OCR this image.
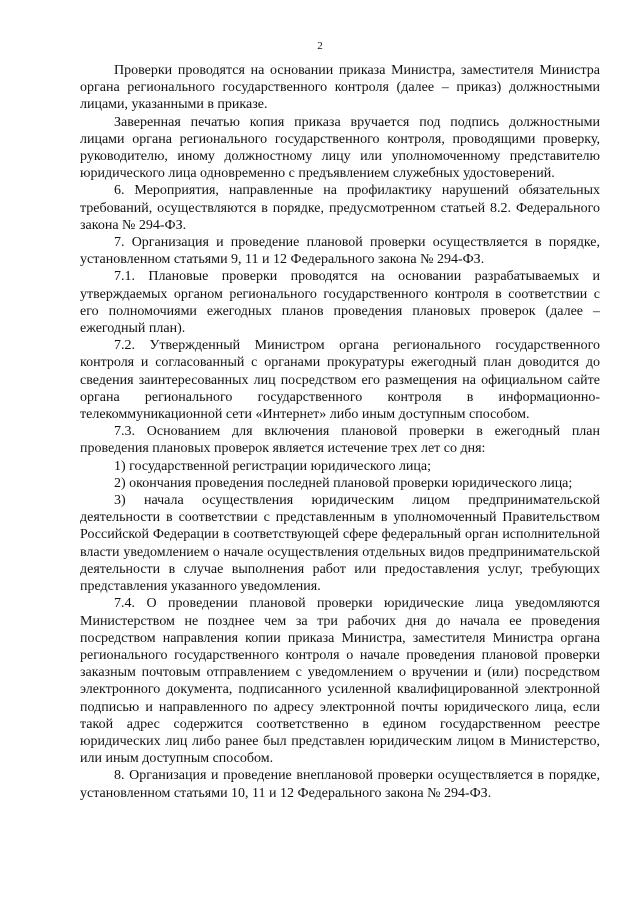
2

Проверки проводятся на основании приказа Министра, заместителя Министра органа регионального государственного контроля (далее – приказ) должностными лицами, указанными в приказе.

Заверенная печатью копия приказа вручается под подпись должностными лицами органа регионального государственного контроля, проводящими проверку, руководителю, иному должностному лицу или уполномоченному представителю юридического лица одновременно с предъявлением служебных удостоверений.

6. Мероприятия, направленные на профилактику нарушений обязательных требований, осуществляются в порядке, предусмотренном статьей 8.2. Федерального закона № 294-ФЗ.

7. Организация и проведение плановой проверки осуществляется в порядке, установленном статьями 9, 11 и 12 Федерального закона № 294-ФЗ.

7.1. Плановые проверки проводятся на основании разрабатываемых и утверждаемых органом регионального государственного контроля в соответствии с его полномочиями ежегодных планов проведения плановых проверок (далее – ежегодный план).

7.2. Утвержденный Министром органа регионального государственного контроля и согласованный с органами прокуратуры ежегодный план доводится до сведения заинтересованных лиц посредством его размещения на официальном сайте органа регионального государственного контроля в информационно-телекоммуникационной сети «Интернет» либо иным доступным способом.

7.3. Основанием для включения плановой проверки в ежегодный план проведения плановых проверок является истечение трех лет со дня:

1) государственной регистрации юридического лица;

2) окончания проведения последней плановой проверки юридического лица;

3) начала осуществления юридическим лицом предпринимательской деятельности в соответствии с представленным в уполномоченный Правительством Российской Федерации в соответствующей сфере федеральный орган исполнительной власти уведомлением о начале осуществления отдельных видов предпринимательской деятельности в случае выполнения работ или предоставления услуг, требующих представления указанного уведомления.

7.4. О проведении плановой проверки юридические лица уведомляются Министерством не позднее чем за три рабочих дня до начала ее проведения посредством направления копии приказа Министра, заместителя Министра органа регионального государственного контроля о начале проведения плановой проверки заказным почтовым отправлением с уведомлением о вручении и (или) посредством электронного документа, подписанного усиленной квалифицированной электронной подписью и направленного по адресу электронной почты юридического лица, если такой адрес содержится соответственно в едином государственном реестре юридических лиц либо ранее был представлен юридическим лицом в Министерство, или иным доступным способом.

8. Организация и проведение внеплановой проверки осуществляется в порядке, установленном статьями 10, 11 и 12 Федерального закона № 294-ФЗ.
